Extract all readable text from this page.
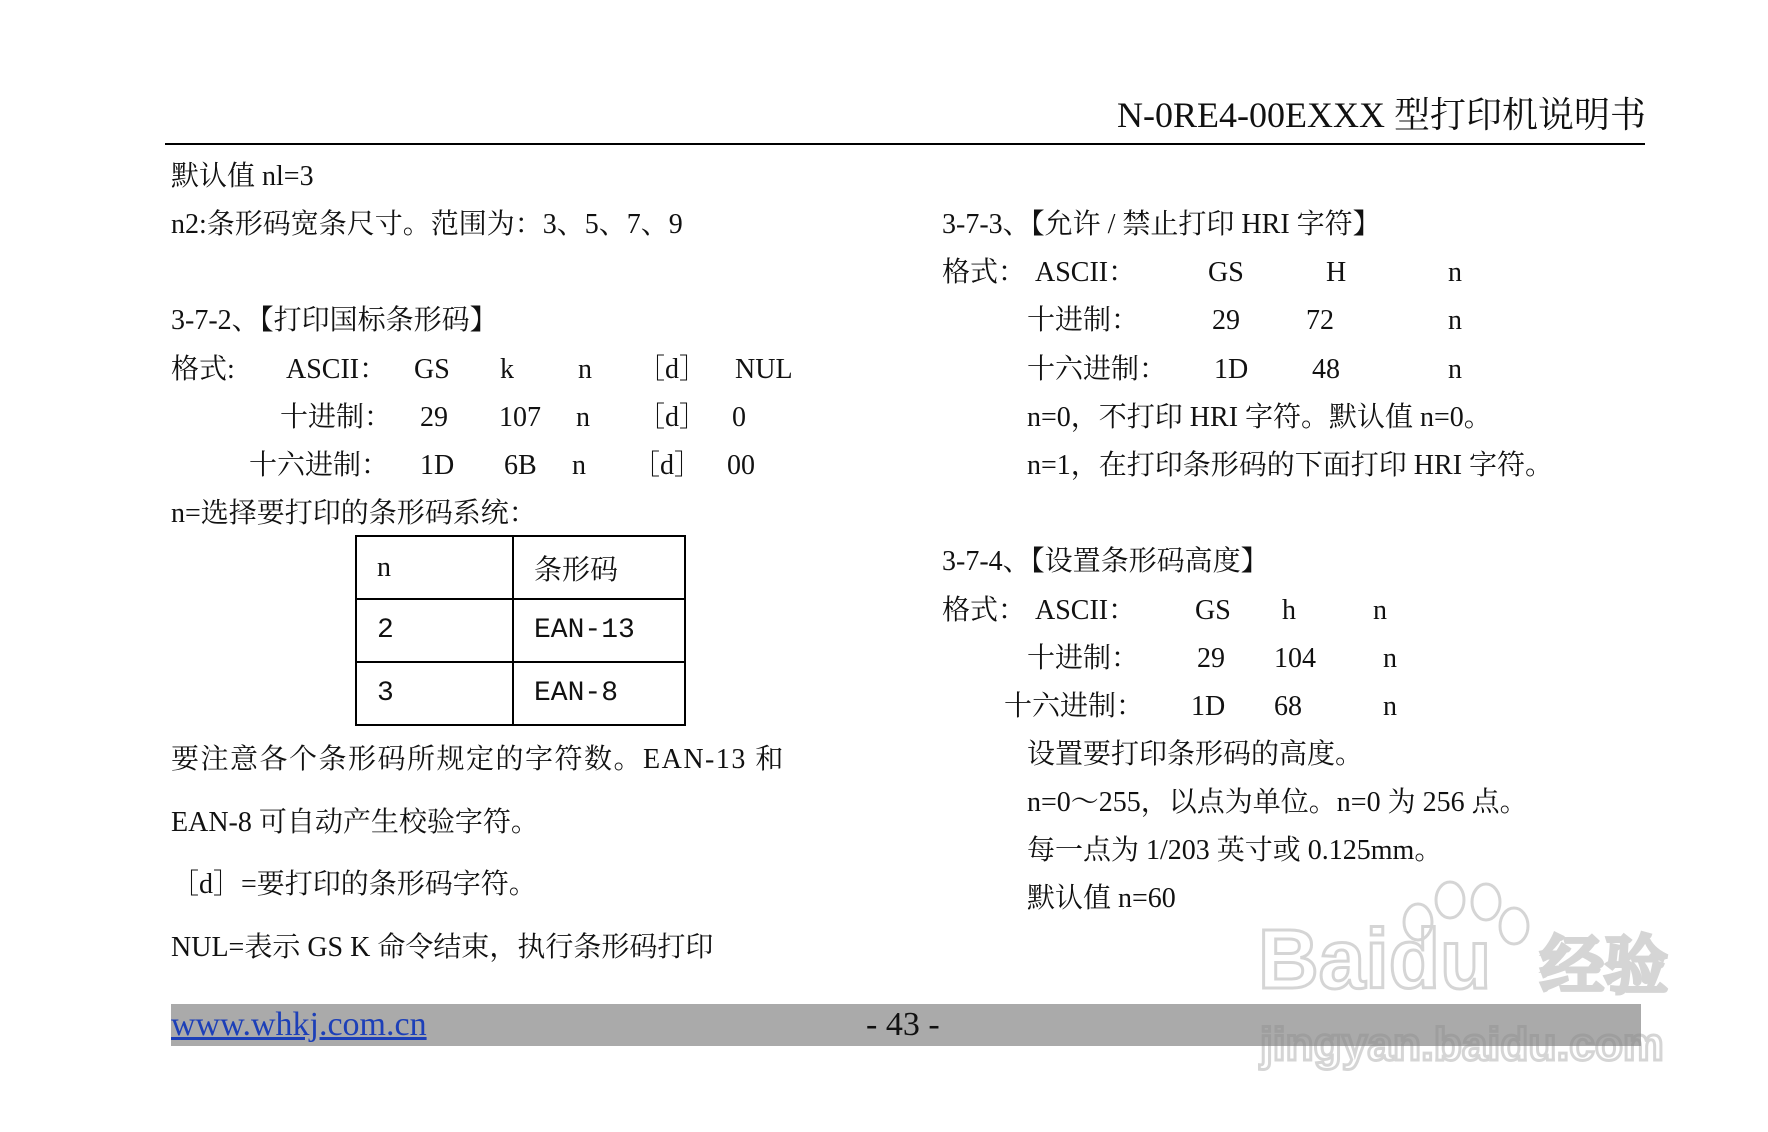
N-0RE4-00EXXX 型打印机说明书
默认值 nl=3
n2:条形码宽条尺寸。范围为：3、5、7、9
3-7-2、【打印国标条形码】
格式: ASCII： GS k n ［d］ NUL
十进制： 29 107 n ［d］ 0
十六进制： 1D 6B n ［d］ 00
n=选择要打印的条形码系统：
n	条形码
2	EAN-13
3	EAN-8
要注意各个条形码所规定的字符数。EAN-13 和
EAN-8 可自动产生校验字符。
［d］=要打印的条形码字符。
NUL=表示 GS K 命令结束，执行条形码打印
3-7-3、【允许 / 禁止打印 HRI 字符】
格式： ASCII：	GS	H	n
十进制：	29 72	n
十六进制： 1D 48	n
n=0，不打印 HRI 字符。默认值 n=0。
n=1，在打印条形码的下面打印 HRI 字符。
3-7-4、【设置条形码高度】
格式： ASCII： GS h	n
十进制： 29 104 n
十六进制： 1D 68	n
设置要打印条形码的高度。
n=0～255，以点为单位。n=0 为 256 点。
每一点为 1/203 英寸或 0.125mm。
默认值 n=60
www.whkj.com.cn	- 43 -
Baidu 经验
jingyan.baidu.com
